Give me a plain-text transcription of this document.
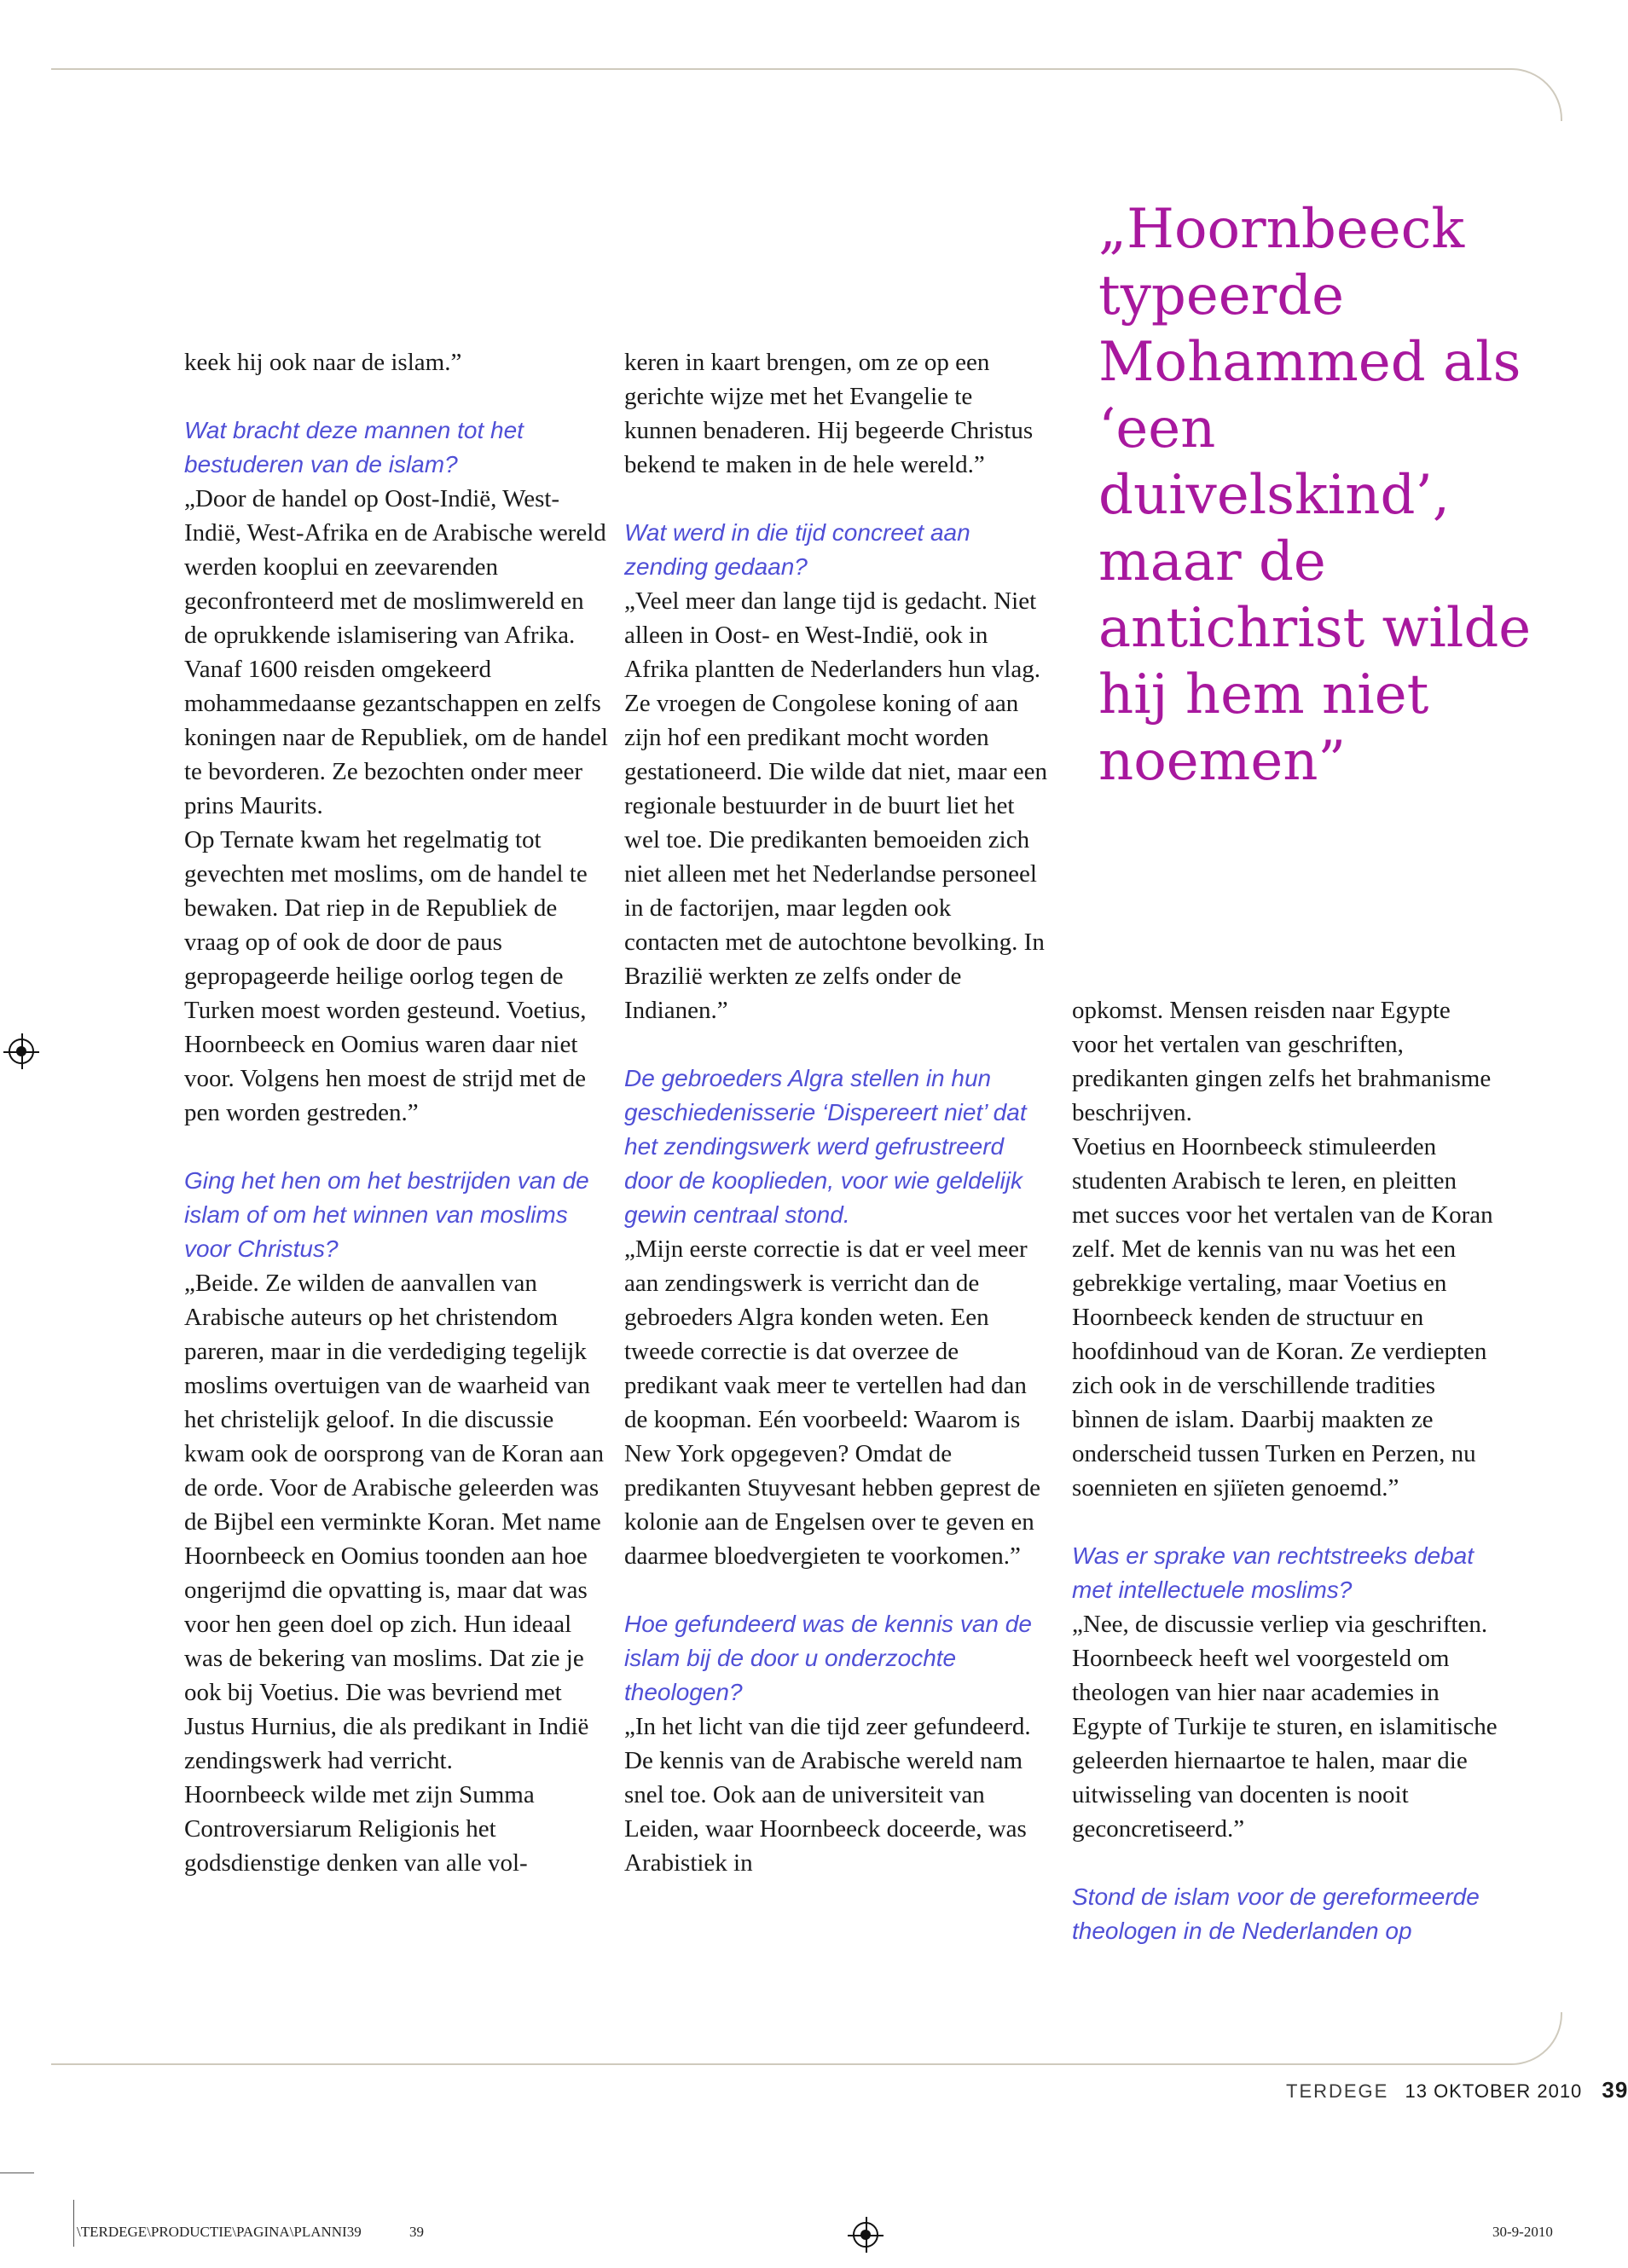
keek hij ook naar de islam.”

Wat bracht deze mannen tot het bestuderen van de islam?

„Door de handel op Oost-Indië, West-Indië, West-Afrika en de Arabische wereld werden kooplui en zeevarenden geconfronteerd met de moslimwereld en de oprukkende islamisering van Afrika. Vanaf 1600 reisden omgekeerd mohammedaanse gezantschappen en zelfs koningen naar de Republiek, om de handel te bevorderen. Ze bezochten onder meer prins Maurits.

Op Ternate kwam het regelmatig tot gevechten met moslims, om de handel te bewaken. Dat riep in de Republiek de vraag op of ook de door de paus gepropageerde heilige oorlog tegen de Turken moest worden gesteund. Voetius, Hoornbeeck en Oomius waren daar niet voor. Volgens hen moest de strijd met de pen worden gestreden.”

Ging het hen om het bestrijden van de islam of om het winnen van moslims voor Christus?

„Beide. Ze wilden de aanvallen van Arabische auteurs op het christendom pareren, maar in die verdediging tegelijk moslims overtuigen van de waarheid van het christelijk geloof. In die discussie kwam ook de oorsprong van de Koran aan de orde. Voor de Arabische geleerden was de Bijbel een verminkte Koran. Met name Hoornbeeck en Oomius toonden aan hoe ongerijmd die opvatting is, maar dat was voor hen geen doel op zich. Hun ideaal was de bekering van moslims. Dat zie je ook bij Voetius. Die was bevriend met Justus Hurnius, die als predikant in Indië zendingswerk had verricht.

Hoornbeeck wilde met zijn Summa Controversiarum Religionis het godsdienstige denken van alle vol-

keren in kaart brengen, om ze op een gerichte wijze met het Evangelie te kunnen benaderen. Hij begeerde Christus bekend te maken in de hele wereld.”

Wat werd in die tijd concreet aan zending gedaan?

„Veel meer dan lange tijd is gedacht. Niet alleen in Oost- en West-Indië, ook in Afrika plantten de Nederlanders hun vlag. Ze vroegen de Congolese koning of aan zijn hof een predikant mocht worden gestationeerd. Die wilde dat niet, maar een regionale bestuurder in de buurt liet het wel toe. Die predikanten bemoeiden zich niet alleen met het Nederlandse personeel in de factorijen, maar legden ook contacten met de autochtone bevolking. In Brazilië werkten ze zelfs onder de Indianen.”

De gebroeders Algra stellen in hun geschiedenisserie ‘Dispereert niet’ dat het zendingswerk werd gefrustreerd door de kooplieden, voor wie geldelijk gewin centraal stond.

„Mijn eerste correctie is dat er veel meer aan zendingswerk is verricht dan de gebroeders Algra konden weten. Een tweede correctie is dat overzee de predikant vaak meer te vertellen had dan de koopman. Eén voorbeeld: Waarom is New York opgegeven? Omdat de predikanten Stuyvesant hebben geprest de kolonie aan de Engelsen over te geven en daarmee bloedvergieten te voorkomen.”

Hoe gefundeerd was de kennis van de islam bij de door u onderzochte theologen?

„In het licht van die tijd zeer gefundeerd. De kennis van de Arabische wereld nam snel toe. Ook aan de universiteit van Leiden, waar Hoornbeeck doceerde, was Arabistiek in

„Hoornbeeck typeerde Mohammed als ‘een duivelskind’, maar de antichrist wilde hij hem niet noemen”

opkomst. Mensen reisden naar Egypte voor het vertalen van geschriften, predikanten gingen zelfs het brahmanisme beschrijven.

Voetius en Hoornbeeck stimuleerden studenten Arabisch te leren, en pleitten met succes voor het vertalen van de Koran zelf. Met de kennis van nu was het een gebrekkige vertaling, maar Voetius en Hoornbeeck kenden de structuur en hoofdinhoud van de Koran. Ze verdiepten zich ook in de verschillende tradities bìnnen de islam. Daarbij maakten ze onderscheid tussen Turken en Perzen, nu soennieten en sjiïeten genoemd.”

Was er sprake van rechtstreeks debat met intellectuele moslims?

„Nee, de discussie verliep via geschriften. Hoornbeeck heeft wel voorgesteld om theologen van hier naar academies in Egypte of Turkije te sturen, en islamitische geleerden hiernaartoe te halen, maar die uitwisseling van docenten is nooit geconcretiseerd.”

Stond de islam voor de gereformeerde theologen in de Nederlanden op

TERDEGE 13 OKTOBER 2010 39
\TERDEGE\PRODUCTIE\PAGINA\PLANNI39	39	30-9-2010
